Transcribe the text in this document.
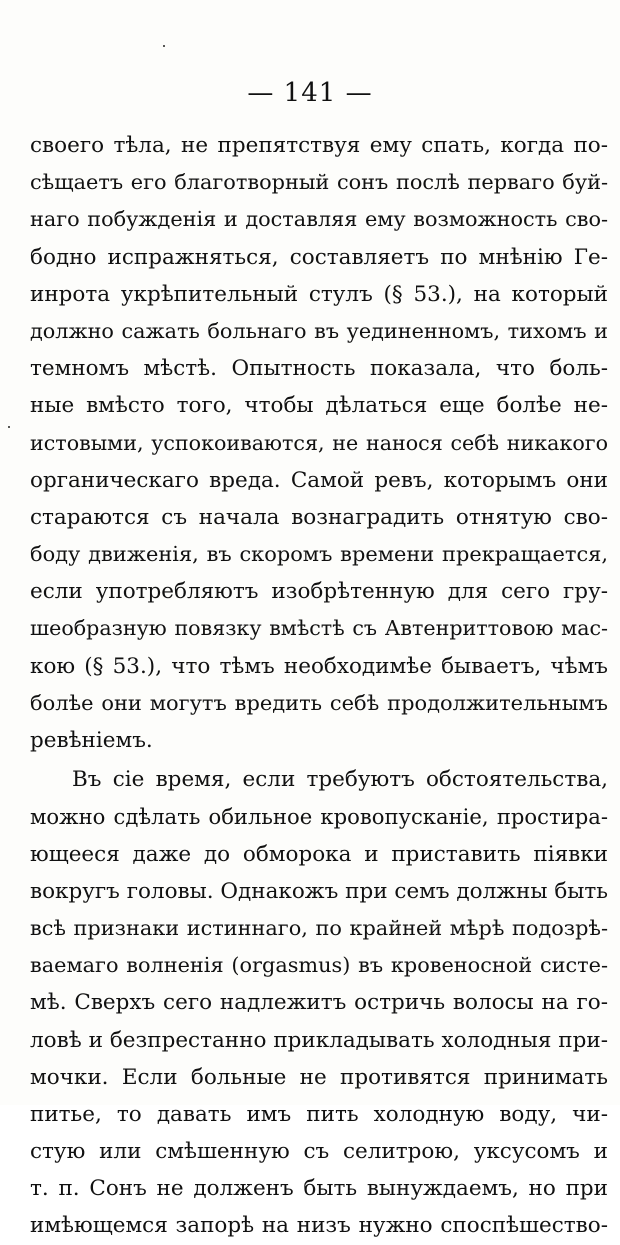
— 141 —
своего тѣла, не препятствуя ему спать, когда по-
сѣщаетъ его благотворный сонъ послѣ перваго буй-
наго побужденія и доставляя ему возможность сво-
бодно испражняться, составляетъ по мнѣнію Ге-
инрота укрѣпительный стулъ (§ 53.), на который
должно сажать больнаго въ уединенномъ, тихомъ и
темномъ мѣстѣ. Опытность показала, что боль-
ные вмѣсто того, чтобы дѣлаться еще болѣе не-
истовыми, успокоиваются, не нанося себѣ никакого
органическаго вреда. Самой ревъ, которымъ они
стараются съ начала вознаградить отнятую сво-
боду движенія, въ скоромъ времени прекращается,
если употребляютъ изобрѣтенную для сего гру-
шеобразную повязку вмѣстѣ съ Автенриттовою мас-
кою (§ 53.), что тѣмъ необходимѣе бываетъ, чѣмъ
болѣе они могутъ вредить себѣ продолжительнымъ
ревѣніемъ.
Въ сіе время, если требуютъ обстоятельства,
можно сдѣлать обильное кровопусканіе, простира-
ющееся даже до обморока и приставить піявки
вокругъ головы. Однакожъ при семъ должны быть
всѣ признаки истиннаго, по крайней мѣрѣ подозрѣ-
ваемаго волненія (orgasmus) въ кровеносной систе-
мѣ. Сверхъ сего надлежитъ остричь волосы на го-
ловѣ и безпрестанно прикладывать холодныя при-
мочки. Если больные не противятся принимать
питье, то давать имъ пить холодную воду, чи-
стую или смѣшенную съ селитрою, уксусомъ и
т. п. Сонъ не долженъ быть вынуждаемъ, но при
имѣющемся запорѣ на низъ нужно споспѣшество-
